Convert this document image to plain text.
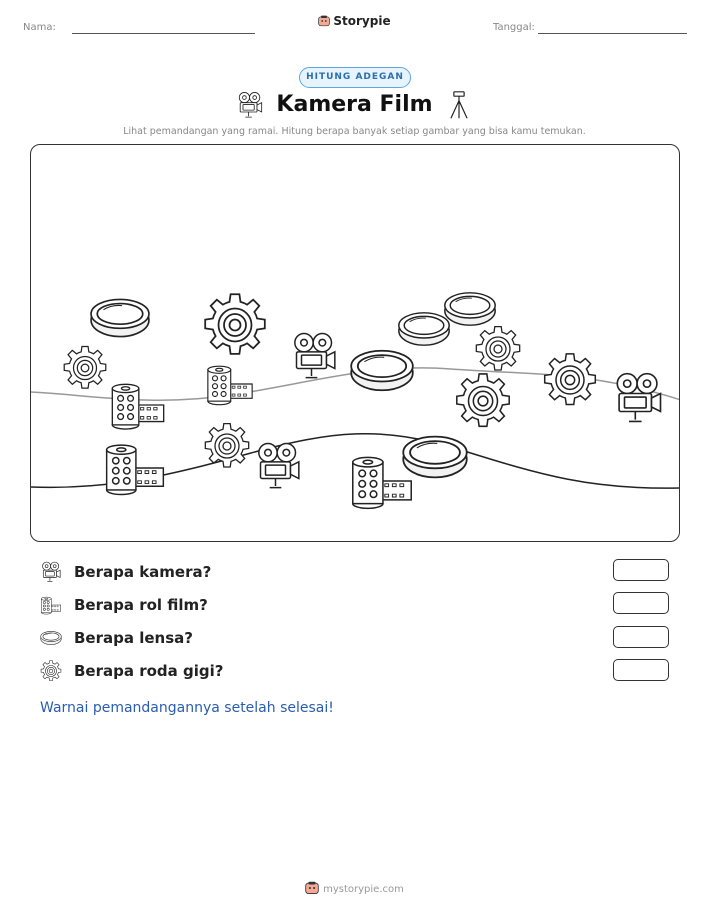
Nama:	Storypie	Tanggal:
HITUNG ADEGAN
Kamera Film
Lihat pemandangan yang ramai. Hitung berapa banyak setiap gambar yang bisa kamu temukan.
Berapa kamera?
Berapa rol film?
Berapa lensa?
Berapa roda gigi?
Warnai pemandangannya setelah selesai!
mystorypie.com
